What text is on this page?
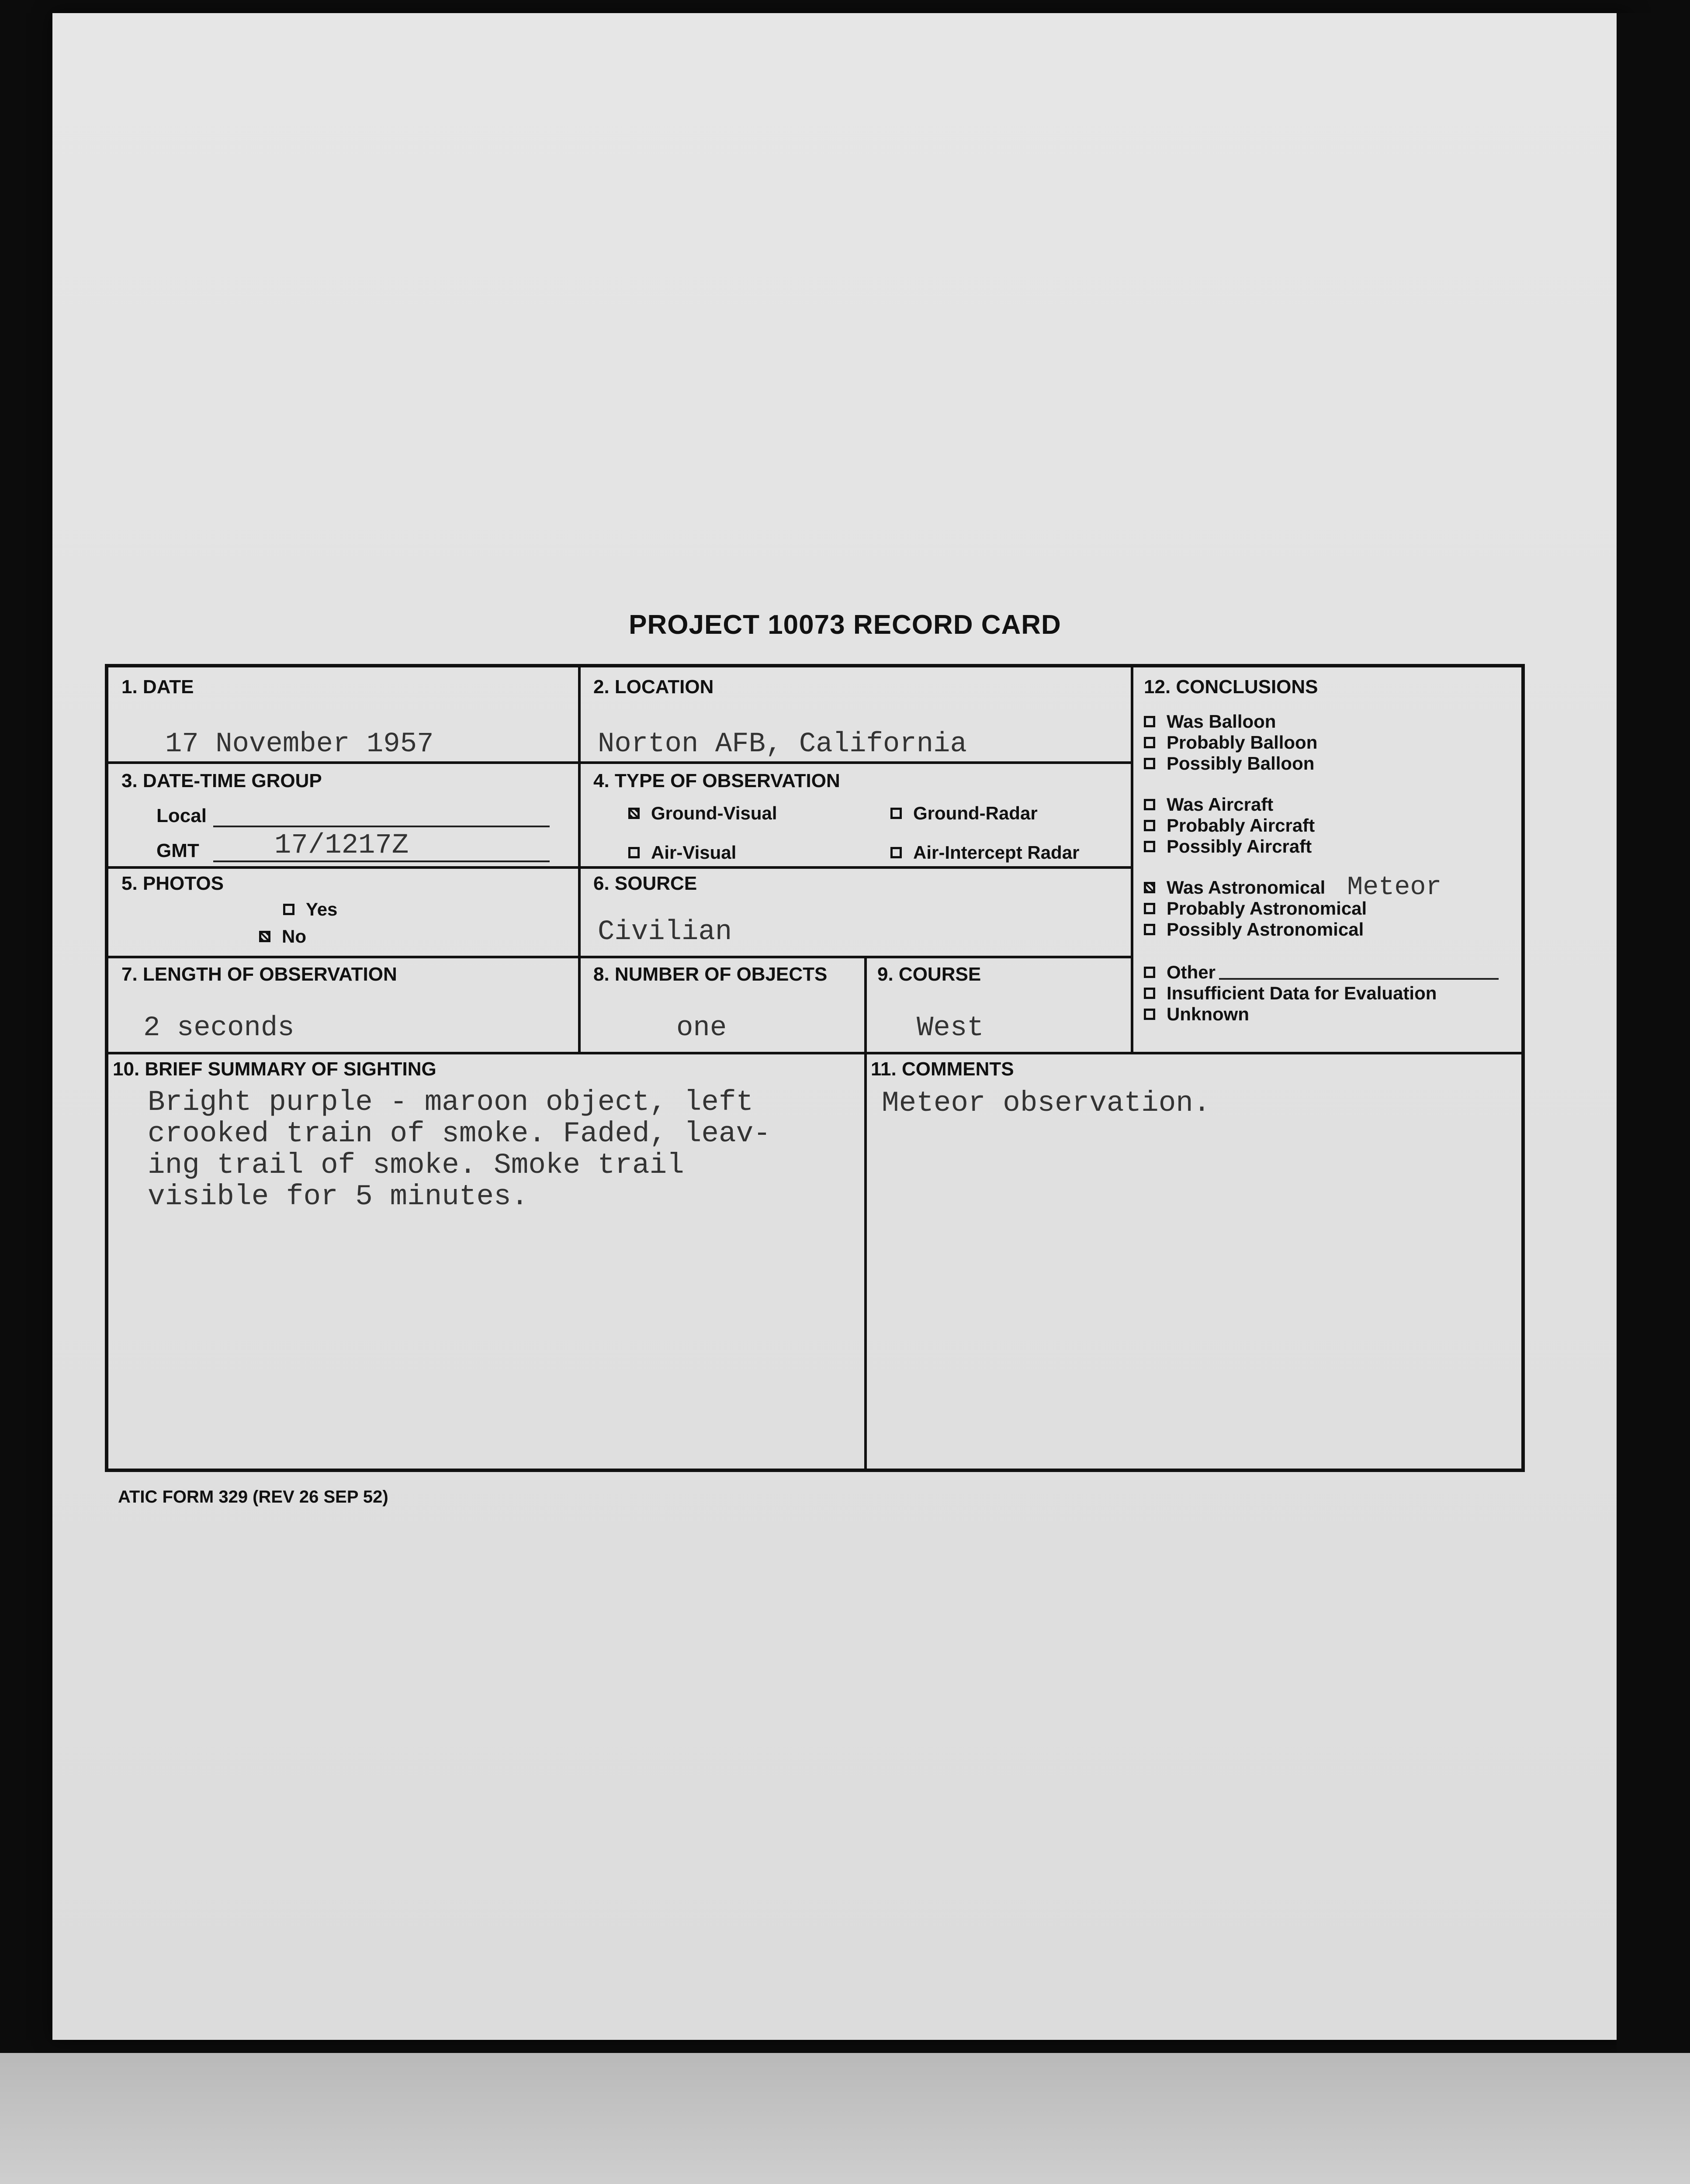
PROJECT 10073 RECORD CARD
1. DATE
17 November 1957
2. LOCATION
Norton AFB, California
3. DATE-TIME GROUP
Local
GMT	17/1217Z
4. TYPE OF OBSERVATION
Ground-Visual	Ground-Radar
Air-Visual	Air-Intercept Radar
5. PHOTOS
Yes
No
6. SOURCE
Civilian
7. LENGTH OF OBSERVATION
2 seconds
8. NUMBER OF OBJECTS
one
9. COURSE
West
12. CONCLUSIONS
Was Balloon
Probably Balloon
Possibly Balloon
Was Aircraft
Probably Aircraft
Possibly Aircraft
Was Astronomical Meteor
Probably Astronomical
Possibly Astronomical
Other
Insufficient Data for Evaluation
Unknown
10. BRIEF SUMMARY OF SIGHTING
Bright purple - maroon object, left
crooked train of smoke. Faded, leav-
ing trail of smoke. Smoke trail
visible for 5 minutes.
11. COMMENTS
Meteor observation.
ATIC FORM 329 (REV 26 SEP 52)
